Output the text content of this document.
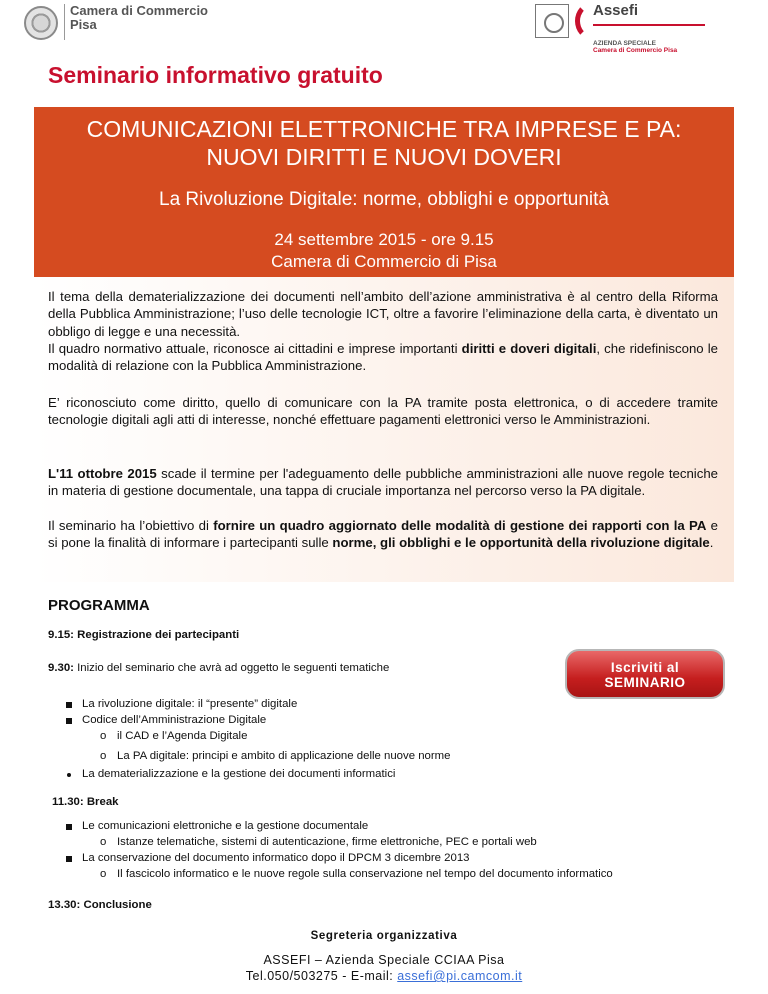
Camera di Commercio
Pisa
Assefi
AZIENDA SPECIALE
Camera di Commercio Pisa
Seminario informativo gratuito
COMUNICAZIONI ELETTRONICHE TRA IMPRESE E PA:
NUOVI DIRITTI E NUOVI DOVERI
La Rivoluzione Digitale: norme, obblighi e opportunità
24 settembre 2015 - ore 9.15
Camera di Commercio di Pisa

Il tema della dematerializzazione dei documenti nell’ambito dell’azione amministrativa è al centro della Riforma della Pubblica Amministrazione; l’uso delle tecnologie ICT, oltre a favorire l’eliminazione della carta, è diventato un obbligo di legge e una necessità.
Il quadro normativo attuale, riconosce ai cittadini e imprese importanti diritti e doveri digitali, che ridefiniscono le modalità di relazione con la Pubblica Amministrazione.

E’ riconosciuto come diritto, quello di comunicare con la PA tramite posta elettronica, o di accedere tramite tecnologie digitali agli atti di interesse, nonché effettuare pagamenti elettronici verso le Amministrazioni.

L'11 ottobre 2015 scade il termine per l'adeguamento delle pubbliche amministrazioni alle nuove regole tecniche in materia di gestione documentale, una tappa di cruciale importanza nel percorso verso la PA digitale.

Il seminario ha l’obiettivo di fornire un quadro aggiornato delle modalità di gestione dei rapporti con la PA e si pone la finalità di informare i partecipanti sulle norme, gli obblighi e le opportunità della rivoluzione digitale.

PROGRAMMA
9.15: Registrazione dei partecipanti
9.30: Inizio del seminario che avrà ad oggetto le seguenti tematiche	Iscriviti al
SEMINARIO
La rivoluzione digitale: il “presente” digitale
Codice dell’Amministrazione Digitale
o il CAD e l’Agenda Digitale
o La PA digitale: principi e ambito di applicazione delle nuove norme
La dematerializzazione e la gestione dei documenti informatici
11.30: Break
Le comunicazioni elettroniche e la gestione documentale
o Istanze telematiche, sistemi di autenticazione, firme elettroniche, PEC e portali web
La conservazione del documento informatico dopo il DPCM 3 dicembre 2013
o Il fascicolo informatico e le nuove regole sulla conservazione nel tempo del documento informatico
13.30: Conclusione
Segreteria organizzativa
ASSEFI – Azienda Speciale CCIAA Pisa
Tel.050/503275 - E-mail: assefi@pi.camcom.it
